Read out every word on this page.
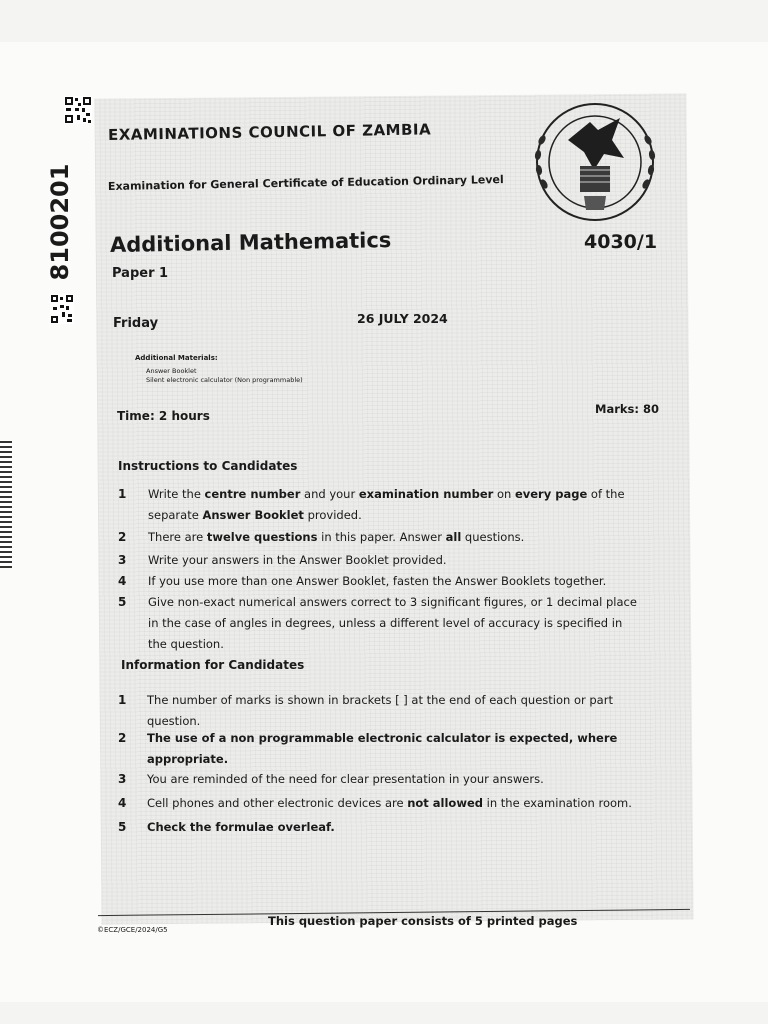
8100201
EXAMINATIONS COUNCIL OF ZAMBIA
Examination for General Certificate of Education Ordinary Level
Additional Mathematics	4030/1
Paper 1
Friday	26 JULY 2024
Additional Materials:
Answer Booklet
Silent electronic calculator (Non programmable)
Time: 2 hours	Marks: 80
Instructions to Candidates
1	Write the centre number and your examination number on every page of the separate Answer Booklet provided.
2	There are twelve questions in this paper. Answer all questions.
3	Write your answers in the Answer Booklet provided.
4	If you use more than one Answer Booklet, fasten the Answer Booklets together.
5	Give non-exact numerical answers correct to 3 significant figures, or 1 decimal place in the case of angles in degrees, unless a different level of accuracy is specified in the question.
Information for Candidates
1	The number of marks is shown in brackets [ ] at the end of each question or part question.
2	The use of a non programmable electronic calculator is expected, where appropriate.
3	You are reminded of the need for clear presentation in your answers.
4	Cell phones and other electronic devices are not allowed in the examination room.
5	Check the formulae overleaf.
©ECZ/GCE/2024/G5
This question paper consists of 5 printed pages
